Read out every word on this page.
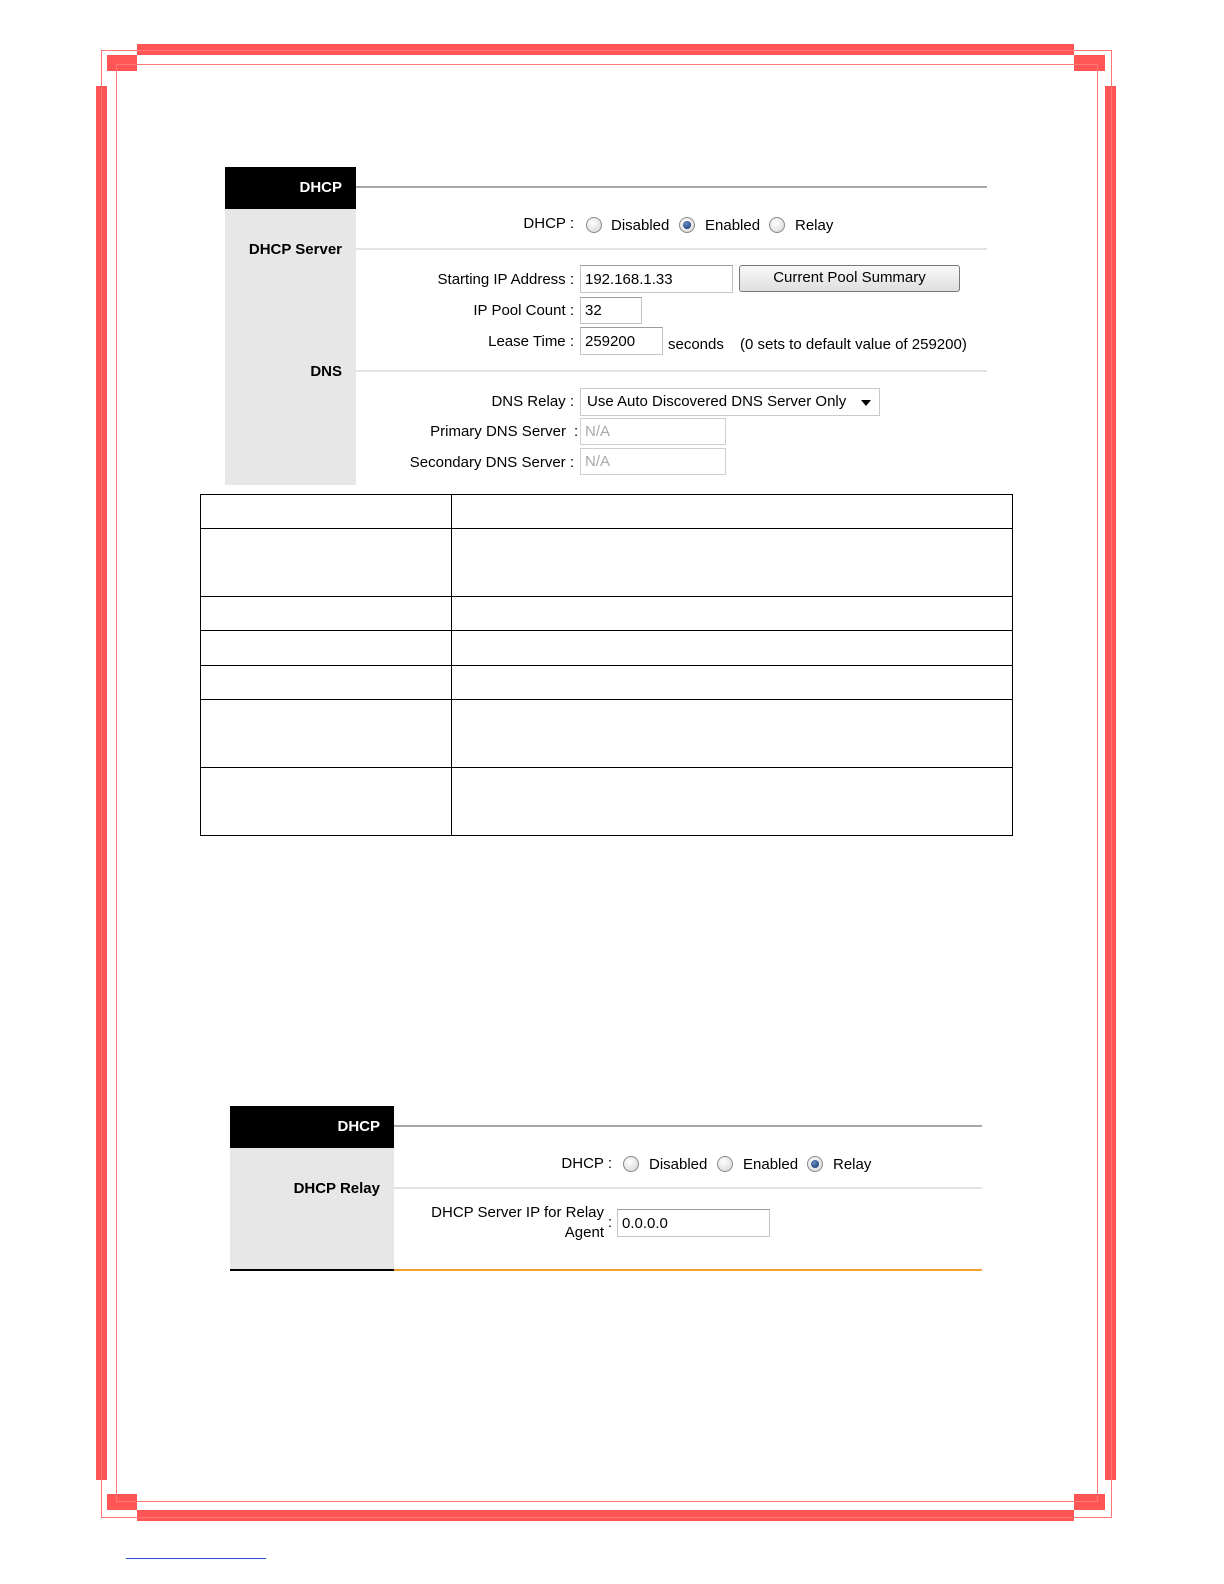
DHCP
DHCP Server
DNS
DHCP : Disabled Enabled Relay
Starting IP Address :
192.168.1.33	Current Pool Summary
IP Pool Count :
32
Lease Time :
259200	seconds (0 sets to default value of 259200)
DNS Relay : Use Auto Discovered DNS Server Only
Primary DNS Server :
N/A
Secondary DNS Server :
N/A

DHCP
DHCP Relay
DHCP : Disabled Enabled Relay
DHCP Server IP for Relay
Agent
:
0.0.0.0
